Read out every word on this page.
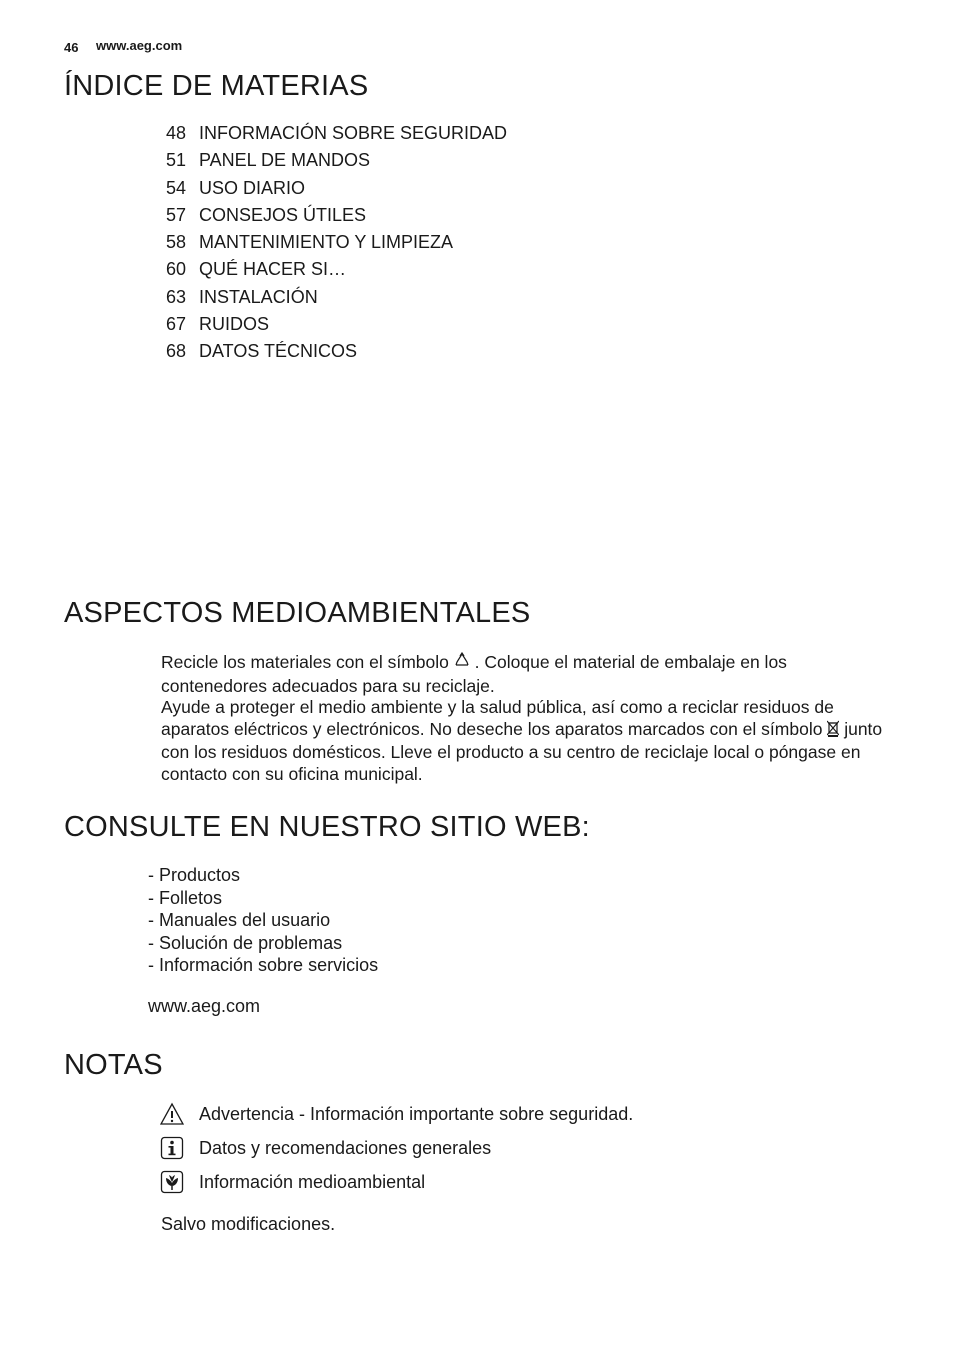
46 www.aeg.com
ÍNDICE DE MATERIAS
48 INFORMACIÓN SOBRE SEGURIDAD
51 PANEL DE MANDOS
54 USO DIARIO
57 CONSEJOS ÚTILES
58 MANTENIMIENTO Y LIMPIEZA
60 QUÉ HACER SI…
63 INSTALACIÓN
67 RUIDOS
68 DATOS TÉCNICOS
ASPECTOS MEDIOAMBIENTALES

Recicle los materiales con el símbolo . Coloque el material de embalaje en los contenedores adecuados para su reciclaje.

Ayude a proteger el medio ambiente y la salud pública, así como a reciclar residuos de aparatos eléctricos y electrónicos. No deseche los aparatos marcados con el símbolo junto con los residuos domésticos. Lleve el producto a su centro de reciclaje local o póngase en contacto con su oficina municipal.

CONSULTE EN NUESTRO SITIO WEB:
- Productos
- Folletos
- Manuales del usuario
- Solución de problemas
- Información sobre servicios
www.aeg.com
NOTAS
Advertencia - Información importante sobre seguridad.
Datos y recomendaciones generales
Información medioambiental
Salvo modificaciones.
